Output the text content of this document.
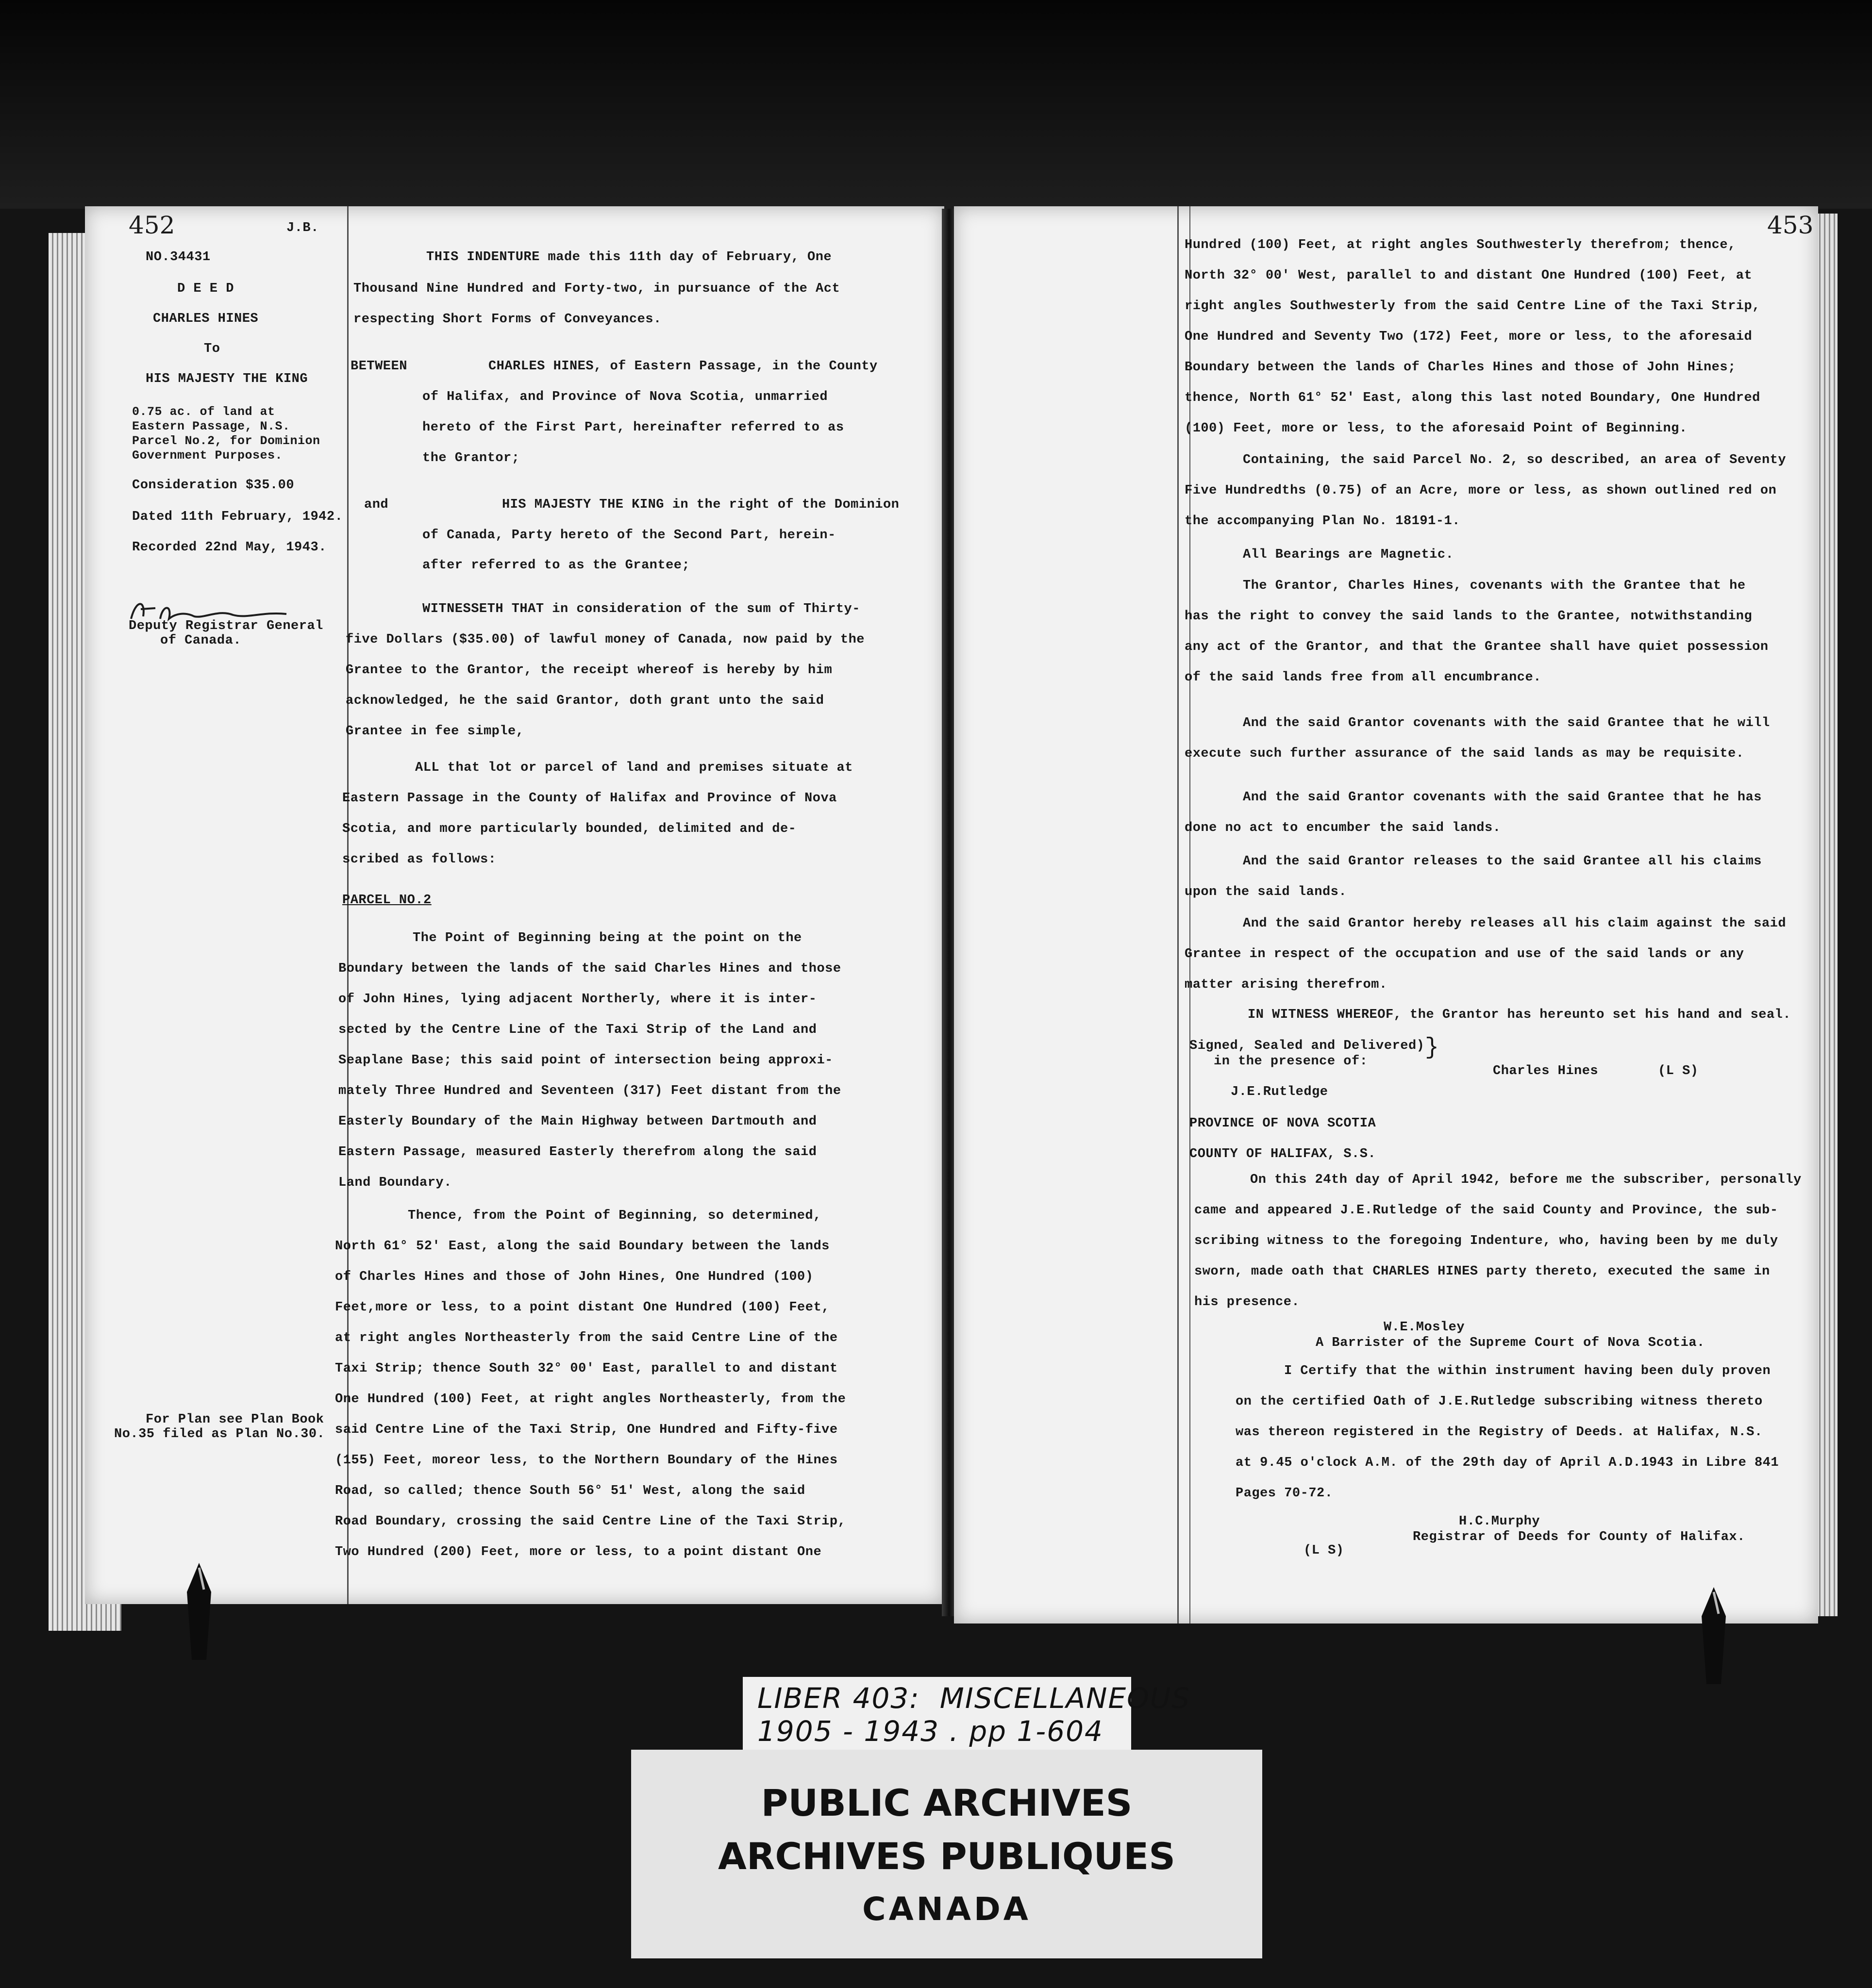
452	J.B.
NO.34431
D E E D
CHARLES HINES
To
HIS MAJESTY THE KING
0.75 ac. of land at
Eastern Passage, N.S.
Parcel No.2, for Dominion
Government Purposes.
Consideration $35.00
Dated 11th February, 1942.
Recorded 22nd May, 1943.
Deputy Registrar General
of Canada.
For Plan see Plan Book
No.35 filed as Plan No.30.
THIS INDENTURE made this 11th day of February, One
Thousand Nine Hundred and Forty-two, in pursuance of the Act
respecting Short Forms of Conveyances.
BETWEEN          CHARLES HINES, of Eastern Passage, in the County
of Halifax, and Province of Nova Scotia, unmarried
hereto of the First Part, hereinafter referred to as
the Grantor;
and              HIS MAJESTY THE KING in the right of the Dominion
of Canada, Party hereto of the Second Part, herein-
after referred to as the Grantee;
WITNESSETH THAT in consideration of the sum of Thirty-
five Dollars ($35.00) of lawful money of Canada, now paid by the
Grantee to the Grantor, the receipt whereof is hereby by him
acknowledged, he the said Grantor, doth grant unto the said
Grantee in fee simple,
ALL that lot or parcel of land and premises situate at
Eastern Passage in the County of Halifax and Province of Nova
Scotia, and more particularly bounded, delimited and de-
scribed as follows:
PARCEL NO.2
The Point of Beginning being at the point on the
Boundary between the lands of the said Charles Hines and those
of John Hines, lying adjacent Northerly, where it is inter-
sected by the Centre Line of the Taxi Strip of the Land and
Seaplane Base; this said point of intersection being approxi-
mately Three Hundred and Seventeen (317) Feet distant from the
Easterly Boundary of the Main Highway between Dartmouth and
Eastern Passage, measured Easterly therefrom along the said
Land Boundary.
Thence, from the Point of Beginning, so determined,
North 61° 52' East, along the said Boundary between the lands
of Charles Hines and those of John Hines, One Hundred (100)
Feet,more or less, to a point distant One Hundred (100) Feet,
at right angles Northeasterly from the said Centre Line of the
Taxi Strip; thence South 32° 00' East, parallel to and distant
One Hundred (100) Feet, at right angles Northeasterly, from the
said Centre Line of the Taxi Strip, One Hundred and Fifty-five
(155) Feet, moreor less, to the Northern Boundary of the Hines
Road, so called; thence South 56° 51' West, along the said
Road Boundary, crossing the said Centre Line of the Taxi Strip,
Two Hundred (200) Feet, more or less, to a point distant One
453
Hundred (100) Feet, at right angles Southwesterly therefrom; thence,
North 32° 00' West, parallel to and distant One Hundred (100) Feet, at
right angles Southwesterly from the said Centre Line of the Taxi Strip,
One Hundred and Seventy Two (172) Feet, more or less, to the aforesaid
Boundary between the lands of Charles Hines and those of John Hines;
thence, North 61° 52' East, along this last noted Boundary, One Hundred
(100) Feet, more or less, to the aforesaid Point of Beginning.
Containing, the said Parcel No. 2, so described, an area of Seventy
Five Hundredths (0.75) of an Acre, more or less, as shown outlined red on
the accompanying Plan No. 18191-1.
All Bearings are Magnetic.
The Grantor, Charles Hines, covenants with the Grantee that he
has the right to convey the said lands to the Grantee, notwithstanding
any act of the Grantor, and that the Grantee shall have quiet possession
of the said lands free from all encumbrance.
And the said Grantor covenants with the said Grantee that he will
execute such further assurance of the said lands as may be requisite.
And the said Grantor covenants with the said Grantee that he has
done no act to encumber the said lands.
And the said Grantor releases to the said Grantee all his claims
upon the said lands.
And the said Grantor hereby releases all his claim against the said
Grantee in respect of the occupation and use of the said lands or any
matter arising therefrom.
IN WITNESS WHEREOF, the Grantor has hereunto set his hand and seal.
Signed, Sealed and Delivered)
in the presence of:
}
Charles Hines	(L S)
J.E.Rutledge
PROVINCE OF NOVA SCOTIA
COUNTY OF HALIFAX, S.S.
On this 24th day of April 1942, before me the subscriber, personally
came and appeared J.E.Rutledge of the said County and Province, the sub-
scribing witness to the foregoing Indenture, who, having been by me duly
sworn, made oath that CHARLES HINES party thereto, executed the same in
his presence.
W.E.Mosley
A Barrister of the Supreme Court of Nova Scotia.
I Certify that the within instrument having been duly proven
on the certified Oath of J.E.Rutledge subscribing witness thereto
was thereon registered in the Registry of Deeds. at Halifax, N.S.
at 9.45 o'clock A.M. of the 29th day of April A.D.1943 in Libre 841
Pages 70-72.
H.C.Murphy
Registrar of Deeds for County of Halifax.
(L S)
LIBER 403:  MISCELLANEOUS
1905 - 1943 . pp 1-604
PUBLIC ARCHIVES
ARCHIVES PUBLIQUES
CANADA
